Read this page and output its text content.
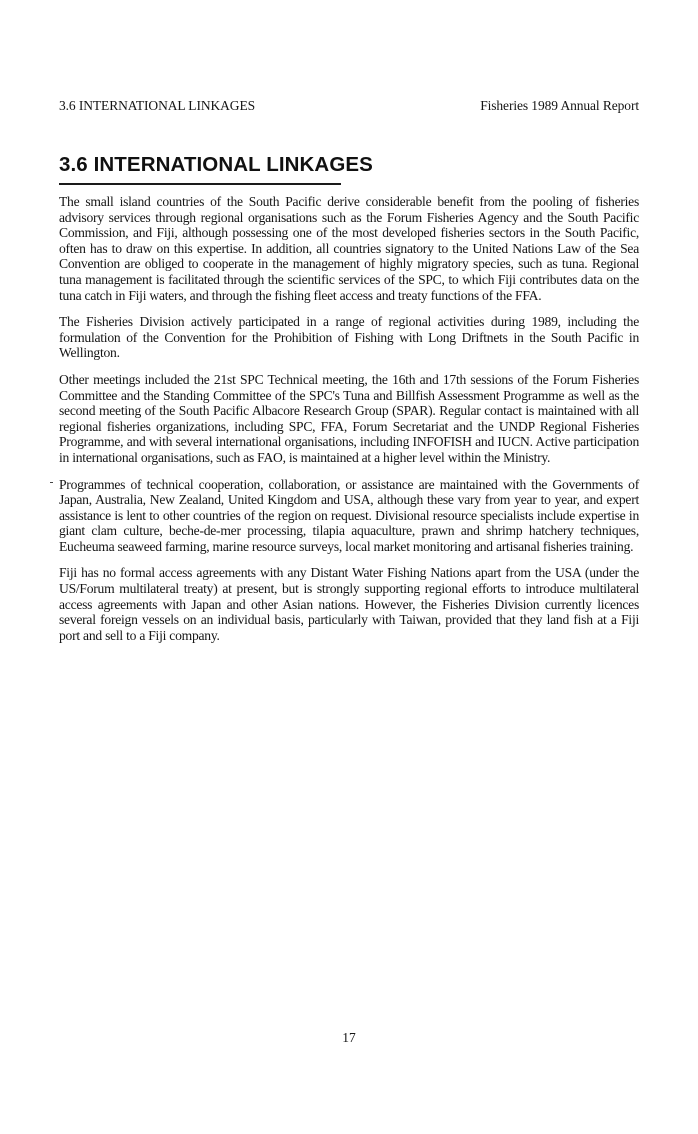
3.6 INTERNATIONAL LINKAGES	Fisheries 1989 Annual Report
3.6 INTERNATIONAL LINKAGES

The small island countries of the South Pacific derive considerable benefit from the pooling of fisheries advisory services through regional organisations such as the Forum Fisheries Agency and the South Pacific Commission, and Fiji, although possessing one of the most developed fisheries sectors in the South Pacific, often has to draw on this expertise. In addition, all countries signatory to the United Nations Law of the Sea Convention are obliged to cooperate in the management of highly migratory species, such as tuna. Regional tuna management is facilitated through the scientific services of the SPC, to which Fiji contributes data on the tuna catch in Fiji waters, and through the fishing fleet access and treaty functions of the FFA.

The Fisheries Division actively participated in a range of regional activities during 1989, including the formulation of the Convention for the Prohibition of Fishing with Long Driftnets in the South Pacific in Wellington.

Other meetings included the 21st SPC Technical meeting, the 16th and 17th sessions of the Forum Fisheries Committee and the Standing Committee of the SPC's Tuna and Billfish Assessment Programme as well as the second meeting of the South Pacific Albacore Research Group (SPAR). Regular contact is maintained with all regional fisheries organizations, including SPC, FFA, Forum Secretariat and the UNDP Regional Fisheries Programme, and with several international organisations, including INFOFISH and IUCN. Active participation in international organisations, such as FAO, is maintained at a higher level within the Ministry.

Programmes of technical cooperation, collaboration, or assistance are maintained with the Governments of Japan, Australia, New Zealand, United Kingdom and USA, although these vary from year to year, and expert assistance is lent to other countries of the region on request. Divisional resource specialists include expertise in giant clam culture, beche-de-mer processing, tilapia aquaculture, prawn and shrimp hatchery techniques, Eucheuma seaweed farming, marine resource surveys, local market monitoring and artisanal fisheries training.

Fiji has no formal access agreements with any Distant Water Fishing Nations apart from the USA (under the US/Forum multilateral treaty) at present, but is strongly supporting regional efforts to introduce multilateral access agreements with Japan and other Asian nations. However, the Fisheries Division currently licences several foreign vessels on an individual basis, particularly with Taiwan, provided that they land fish at a Fiji port and sell to a Fiji company.

17
